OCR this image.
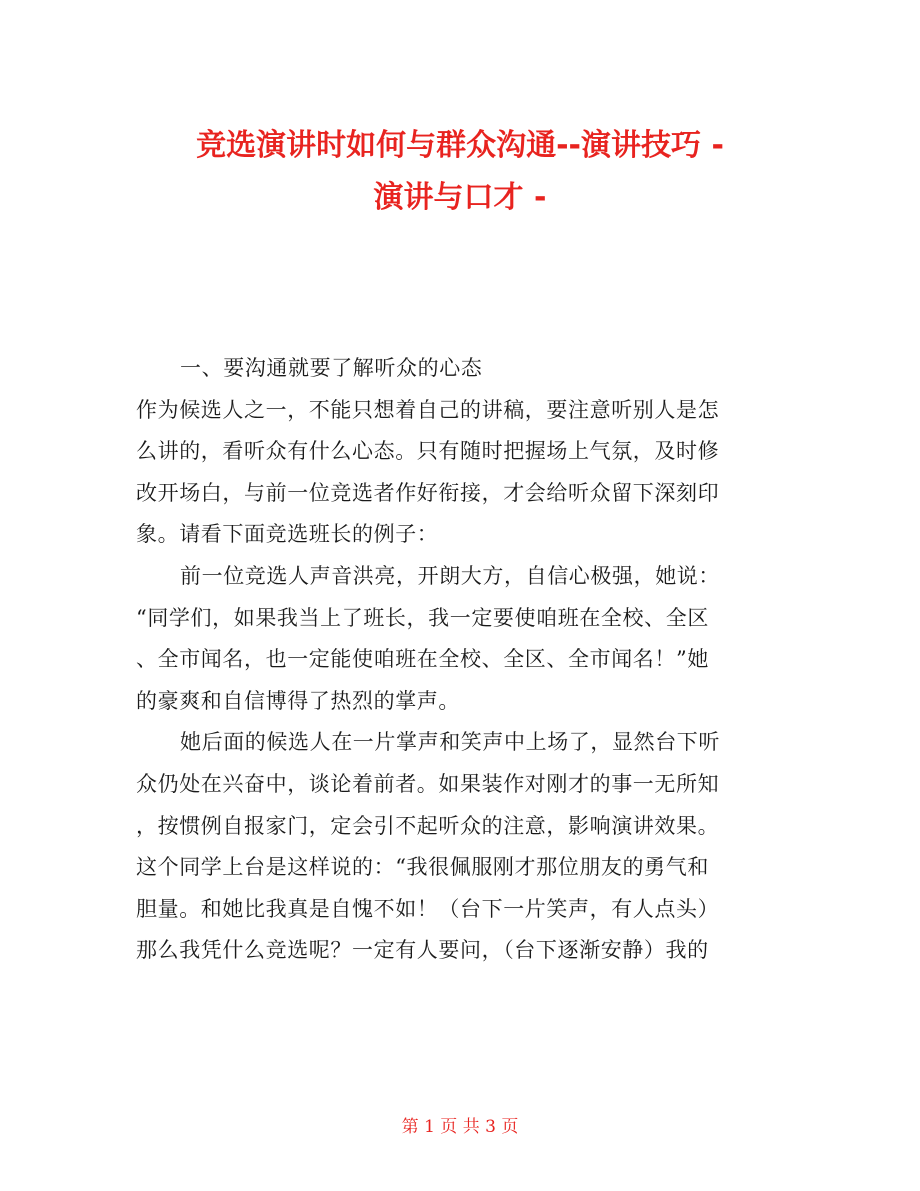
竞选演讲时如何与群众沟通--演讲技巧 -
演讲与口才 -
一、要沟通就要了解听众的心态
作为候选人之一，不能只想着自己的讲稿，要注意听别人是怎
么讲的，看听众有什么心态。只有随时把握场上气氛，及时修
改开场白，与前一位竞选者作好衔接，才会给听众留下深刻印
象。请看下面竞选班长的例子：
前一位竞选人声音洪亮，开朗大方，自信心极强，她说：
“同学们，如果我当上了班长，我一定要使咱班在全校、全区
、全市闻名，也一定能使咱班在全校、全区、全市闻名！”她
的豪爽和自信博得了热烈的掌声。
她后面的候选人在一片掌声和笑声中上场了，显然台下听
众仍处在兴奋中，谈论着前者。如果装作对刚才的事一无所知
，按惯例自报家门，定会引不起听众的注意，影响演讲效果。
这个同学上台是这样说的：“我很佩服刚才那位朋友的勇气和
胆量。和她比我真是自愧不如！（台下一片笑声，有人点头）
那么我凭什么竞选呢？一定有人要问，（台下逐渐安静）我的
第 1 页 共 3 页
